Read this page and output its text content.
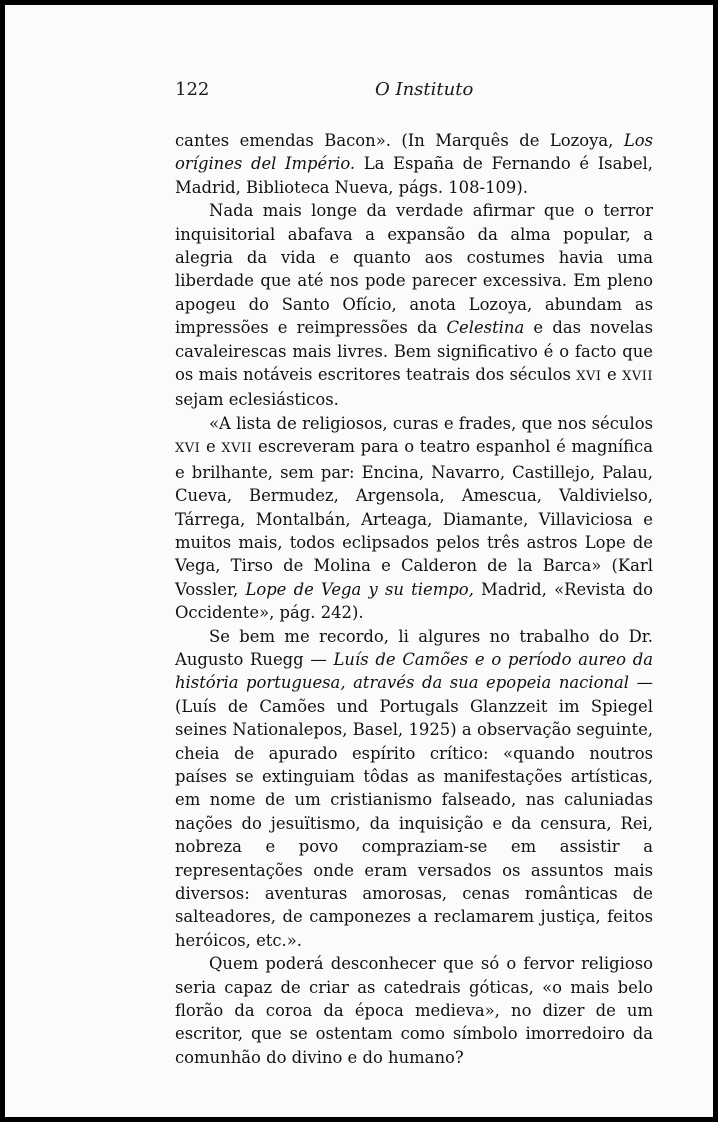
122	O Instituto

cantes emendas Bacon». (In Marquês de Lozoya, Los orígines del Império. La España de Fernando é Isabel, Madrid, Biblioteca Nueva, págs. 108-109).

Nada mais longe da verdade afirmar que o terror inquisitorial abafava a expansão da alma popular, a alegria da vida e quanto aos costumes havia uma liberdade que até nos pode parecer excessiva. Em pleno apogeu do Santo Ofício, anota Lozoya, abundam as impressões e reimpressões da Celestina e das novelas cavaleirescas mais livres. Bem significativo é o facto que os mais notáveis escritores teatrais dos séculos XVI e XVII sejam eclesiásticos.

«A lista de religiosos, curas e frades, que nos séculos XVI e XVII escreveram para o teatro espanhol é magnífica e brilhante, sem par: Encina, Navarro, Castillejo, Palau, Cueva, Bermudez, Argensola, Amescua, Valdivielso, Tárrega, Montalbán, Arteaga, Diamante, Villaviciosa e muitos mais, todos eclipsados pelos três astros Lope de Vega, Tirso de Molina e Calderon de la Barca» (Karl Vossler, Lope de Vega y su tiempo, Madrid, «Revista do Occidente», pág. 242).

Se bem me recordo, li algures no trabalho do Dr. Augusto Ruegg — Luís de Camões e o período aureo da história portuguesa, através da sua epopeia nacional — (Luís de Camões und Portugals Glanzzeit im Spiegel seines Nationalepos, Basel, 1925) a observação seguinte, cheia de apurado espírito crítico: «quando noutros países se extinguiam tôdas as manifestações artísticas, em nome de um cristianismo falseado, nas caluniadas nações do jesuïtismo, da inquisição e da censura, Rei, nobreza e povo compraziam-se em assistir a representações onde eram versados os assuntos mais diversos: aventuras amorosas, cenas românticas de salteadores, de camponezes a reclamarem justiça, feitos heróicos, etc.».

Quem poderá desconhecer que só o fervor religioso seria capaz de criar as catedrais góticas, «o mais belo florão da coroa da época medieva», no dizer de um escritor, que se ostentam como símbolo imorredoiro da comunhão do divino e do humano?
